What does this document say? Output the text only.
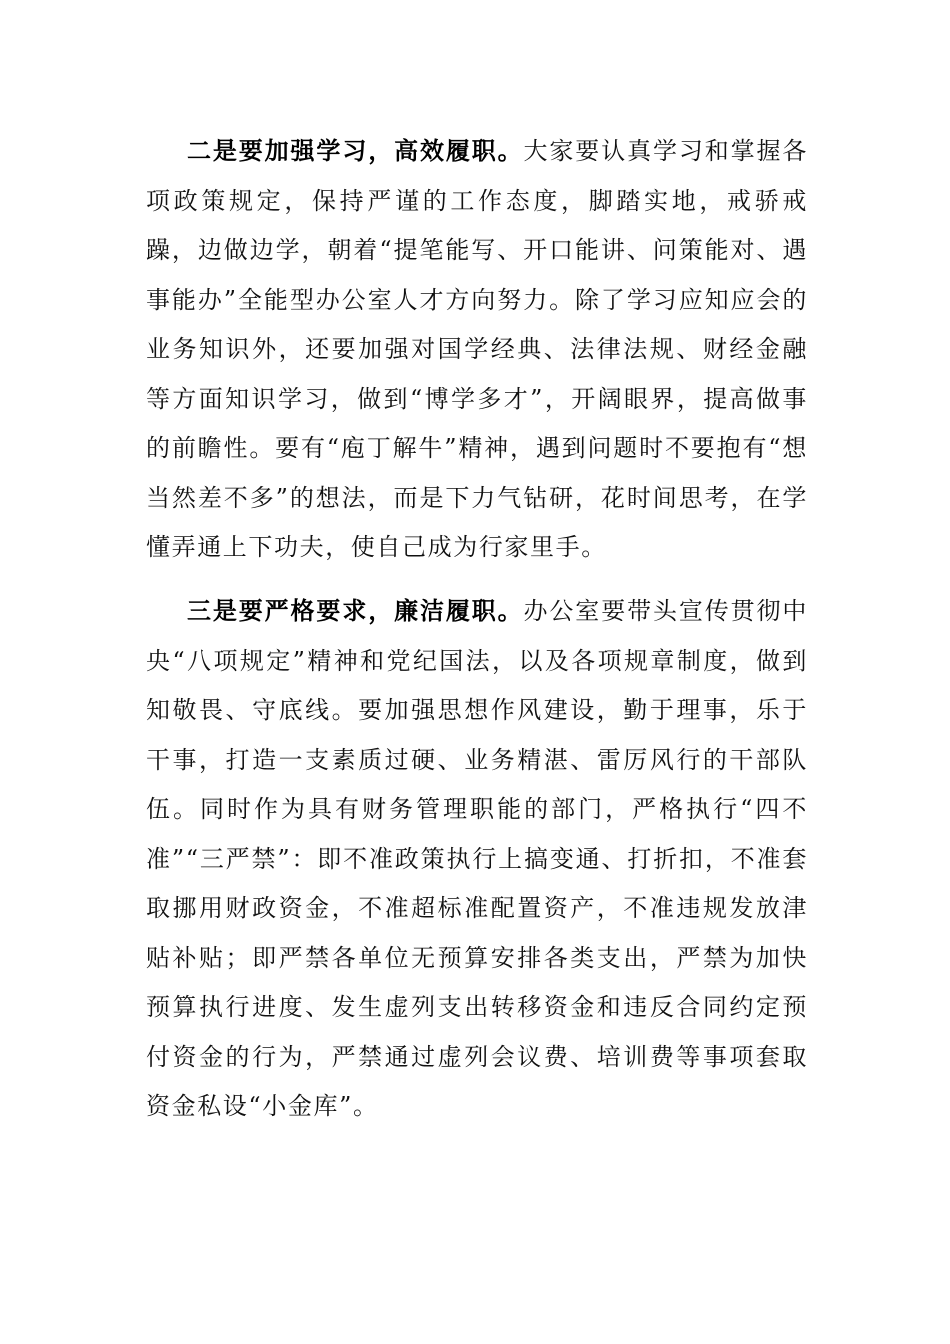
二是要加强学习，高效履职。大家要认真学习和掌握各项政策规定，保持严谨的工作态度，脚踏实地，戒骄戒躁，边做边学，朝着“提笔能写、开口能讲、问策能对、遇事能办”全能型办公室人才方向努力。除了学习应知应会的业务知识外，还要加强对国学经典、法律法规、财经金融等方面知识学习，做到“博学多才”，开阔眼界，提高做事的前瞻性。要有“庖丁解牛”精神，遇到问题时不要抱有“想当然差不多”的想法，而是下力气钻研，花时间思考，在学懂弄通上下功夫，使自己成为行家里手。

三是要严格要求，廉洁履职。办公室要带头宣传贯彻中央“八项规定”精神和党纪国法，以及各项规章制度，做到知敬畏、守底线。要加强思想作风建设，勤于理事，乐于干事，打造一支素质过硬、业务精湛、雷厉风行的干部队伍。同时作为具有财务管理职能的部门，严格执行“四不准”“三严禁”：即不准政策执行上搞变通、打折扣，不准套取挪用财政资金，不准超标准配置资产，不准违规发放津贴补贴；即严禁各单位无预算安排各类支出，严禁为加快预算执行进度、发生虚列支出转移资金和违反合同约定预付资金的行为，严禁通过虚列会议费、培训费等事项套取资金私设“小金库”。
